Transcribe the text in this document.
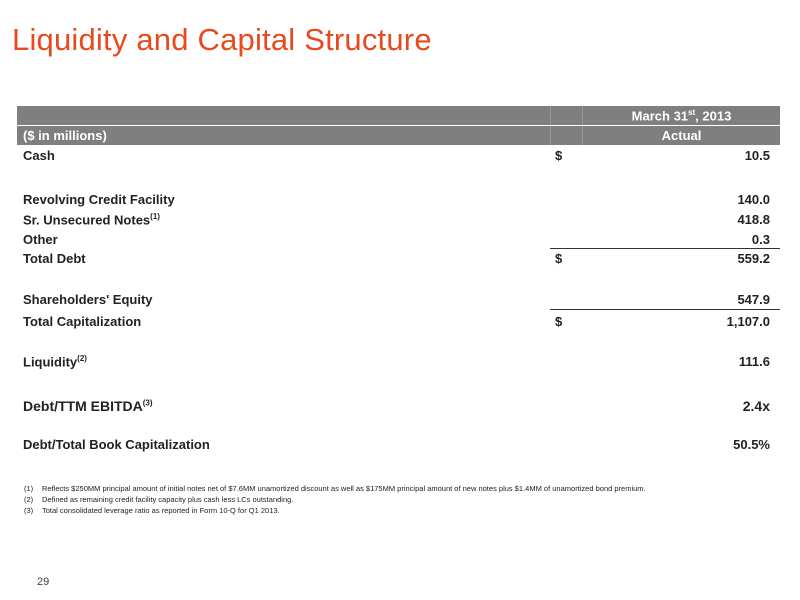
Liquidity and Capital Structure
March 31st, 2013
($ in millions)	Actual
Cash	$	10.5
Revolving Credit Facility	140.0
Sr. Unsecured Notes$^{(1)}$	418.8
Other	0.3
Total Debt	$	559.2
Shareholders' Equity	547.9
Total Capitalization	$	1,107.0
Liquidity$^{(2)}$	111.6
Debt/TTM EBITDA$^{(3)}$	2.4x
Debt/Total Book Capitalization	50.5%
(1) Reflects $250MM principal amount of initial notes net of $7.6MM unamortized discount as well as $175MM principal amount of new notes plus $1.4MM of unamortized bond premium.
(2) Defined as remaining credit facility capacity plus cash less LCs outstanding.
(3) Total consolidated leverage ratio as reported in Form 10-Q for Q1 2013.
29
